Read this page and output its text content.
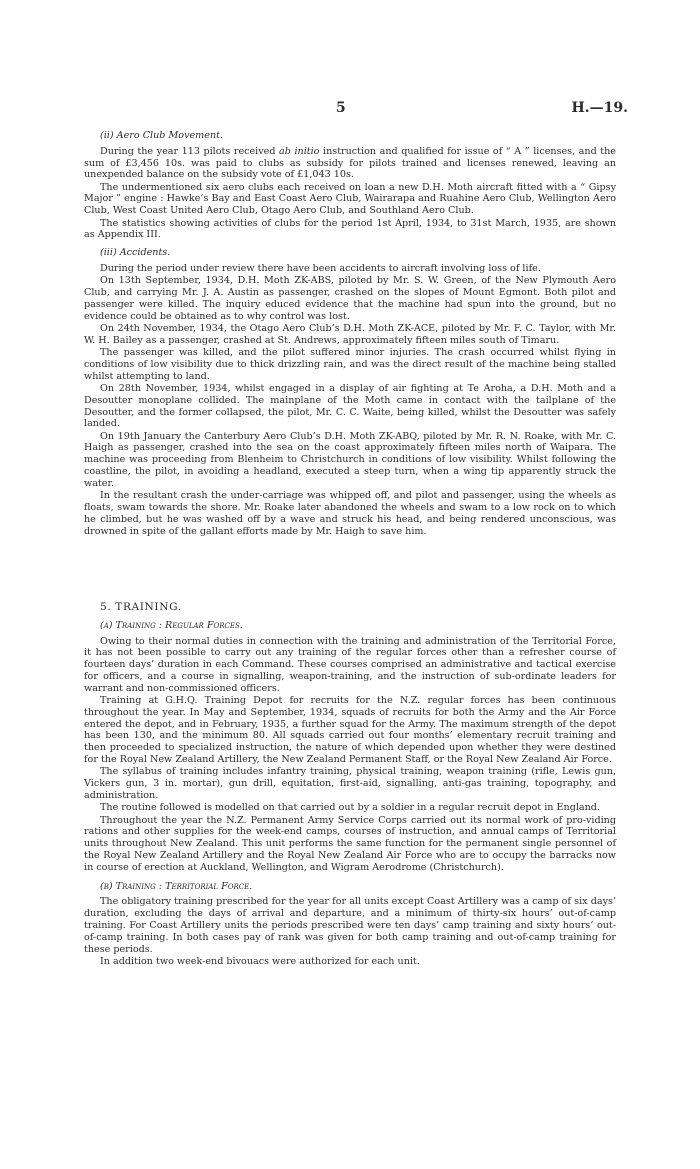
5	H.—19.

(ii) Aero Club Movement.

During the year 113 pilots received ab initio instruction and qualified for issue of “ A ” licenses, and the sum of £3,456 10s. was paid to clubs as subsidy for pilots trained and licenses renewed, leaving an unexpended balance on the subsidy vote of £1,043 10s.

The undermentioned six aero clubs each received on loan a new D.H. Moth aircraft fitted with a “ Gipsy Major ” engine : Hawke’s Bay and East Coast Aero Club, Wairarapa and Ruahine Aero Club, Wellington Aero Club, West Coast United Aero Club, Otago Aero Club, and Southland Aero Club.

The statistics showing activities of clubs for the period 1st April, 1934, to 31st March, 1935, are shown as Appendix III.

(iii) Accidents.

During the period under review there have been accidents to aircraft involving loss of life.

On 13th September, 1934, D.H. Moth ZK-ABS, piloted by Mr. S. W. Green, of the New Plymouth Aero Club, and carrying Mr. J. A. Austin as passenger, crashed on the slopes of Mount Egmont. Both pilot and passenger were killed. The inquiry educed evidence that the machine had spun into the ground, but no evidence could be obtained as to why control was lost.

On 24th November, 1934, the Otago Aero Club’s D.H. Moth ZK-ACE, piloted by Mr. F. C. Taylor, with Mr. W. H. Bailey as a passenger, crashed at St. Andrews, approximately fifteen miles south of Timaru.

The passenger was killed, and the pilot suffered minor injuries. The crash occurred whilst flying in conditions of low visibility due to thick drizzling rain, and was the direct result of the machine being stalled whilst attempting to land.

On 28th November, 1934, whilst engaged in a display of air fighting at Te Aroha, a D.H. Moth and a Desoutter monoplane collided. The mainplane of the Moth came in contact with the tailplane of the Desoutter, and the former collapsed, the pilot, Mr. C. C. Waite, being killed, whilst the Desoutter was safely landed.

On 19th January the Canterbury Aero Club’s D.H. Moth ZK-ABQ, piloted by Mr. R. N. Roake, with Mr. C. Haigh as passenger, crashed into the sea on the coast approximately fifteen miles north of Waipara. The machine was proceeding from Blenheim to Christchurch in conditions of low visibility. Whilst following the coastline, the pilot, in avoiding a headland, executed a steep turn, when a wing tip apparently struck the water.

In the resultant crash the under-carriage was whipped off, and pilot and passenger, using the wheels as floats, swam towards the shore. Mr. Roake later abandoned the wheels and swam to a low rock on to which he climbed, but he was washed off by a wave and struck his head, and being rendered unconscious, was drowned in spite of the gallant efforts made by Mr. Haigh to save him.

5. TRAINING.

(a) Training : Regular Forces.

Owing to their normal duties in connection with the training and administration of the Territorial Force, it has not been possible to carry out any training of the regular forces other than a refresher course of fourteen days’ duration in each Command. These courses comprised an administrative and tactical exercise for officers, and a course in signalling, weapon-training, and the instruction of sub-ordinate leaders for warrant and non-commissioned officers.

Training at G.H.Q. Training Depot for recruits for the N.Z. regular forces has been continuous throughout the year. In May and September, 1934, squads of recruits for both the Army and the Air Force entered the depot, and in February, 1935, a further squad for the Army. The maximum strength of the depot has been 130, and the minimum 80. All squads carried out four months’ elementary recruit training and then proceeded to specialized instruction, the nature of which depended upon whether they were destined for the Royal New Zealand Artillery, the New Zealand Permanent Staff, or the Royal New Zealand Air Force.

The syllabus of training includes infantry training, physical training, weapon training (rifle, Lewis gun, Vickers gun, 3 in. mortar), gun drill, equitation, first-aid, signalling, anti-gas training, topography, and administration.

The routine followed is modelled on that carried out by a soldier in a regular recruit depot in England.

Throughout the year the N.Z. Permanent Army Service Corps carried out its normal work of pro-viding rations and other supplies for the week-end camps, courses of instruction, and annual camps of Territorial units throughout New Zealand. This unit performs the same function for the permanent single personnel of the Royal New Zealand Artillery and the Royal New Zealand Air Force who are to occupy the barracks now in course of erection at Auckland, Wellington, and Wigram Aerodrome (Christchurch).

(b) Training : Territorial Force.

The obligatory training prescribed for the year for all units except Coast Artillery was a camp of six days’ duration, excluding the days of arrival and departure, and a minimum of thirty-six hours’ out-of-camp training. For Coast Artillery units the periods prescribed were ten days’ camp training and sixty hours’ out-of-camp training. In both cases pay of rank was given for both camp training and out-of-camp training for these periods.

In addition two week-end bivouacs were authorized for each unit.
